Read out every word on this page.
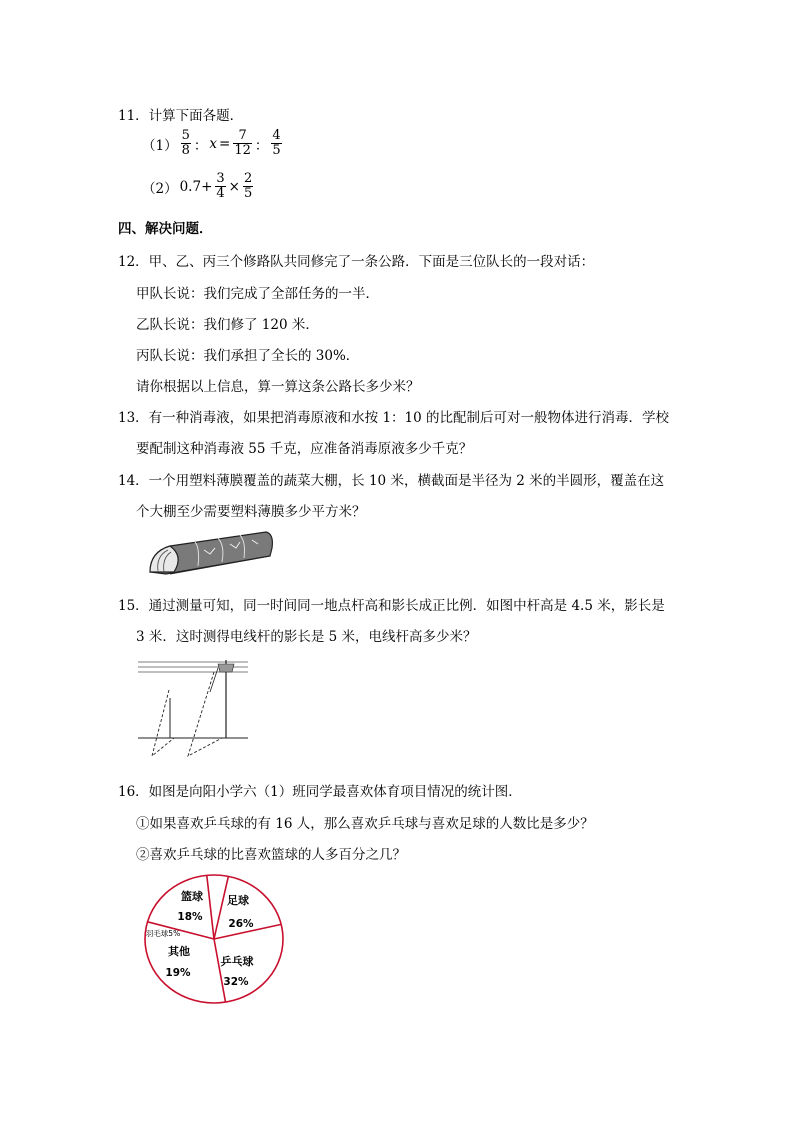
11．计算下面各题．
$(1) \frac{5}{8}$ ： $x = \frac{7}{12}$ ： $\frac{4}{5}$
（2） $0.7+ \frac{3}{4} \times \frac{2}{5}$
四、解决问题．
12．甲、乙、丙三个修路队共同修完了一条公路．下面是三位队长的一段对话：
甲队长说：我们完成了全部任务的一半．
乙队长说：我们修了 120 米．
丙队长说：我们承担了全长的 30%．
请你根据以上信息，算一算这条公路长多少米？
13．有一种消毒液，如果把消毒原液和水按 1：10 的比配制后可对一般物体进行消毒．学校
要配制这种消毒液 55 千克，应准备消毒原液多少千克？
14．一个用塑料薄膜覆盖的蔬菜大棚，长 10 米，横截面是半径为 2 米的半圆形，覆盖在这
个大棚至少需要塑料薄膜多少平方米？
15．通过测量可知，同一时间同一地点杆高和影长成正比例．如图中杆高是 4.5 米，影长是
3 米．这时测得电线杆的影长是 5 米，电线杆高多少米？
16．如图是向阳小学六（1）班同学最喜欢体育项目情况的统计图．
①如果喜欢乒乓球的有 16 人，那么喜欢乒乓球与喜欢足球的人数比是多少？
②喜欢乒乓球的比喜欢篮球的人多百分之几？
篮球
18%
足球
26%
乒乓球
32%
其他
19%
羽毛球5%
